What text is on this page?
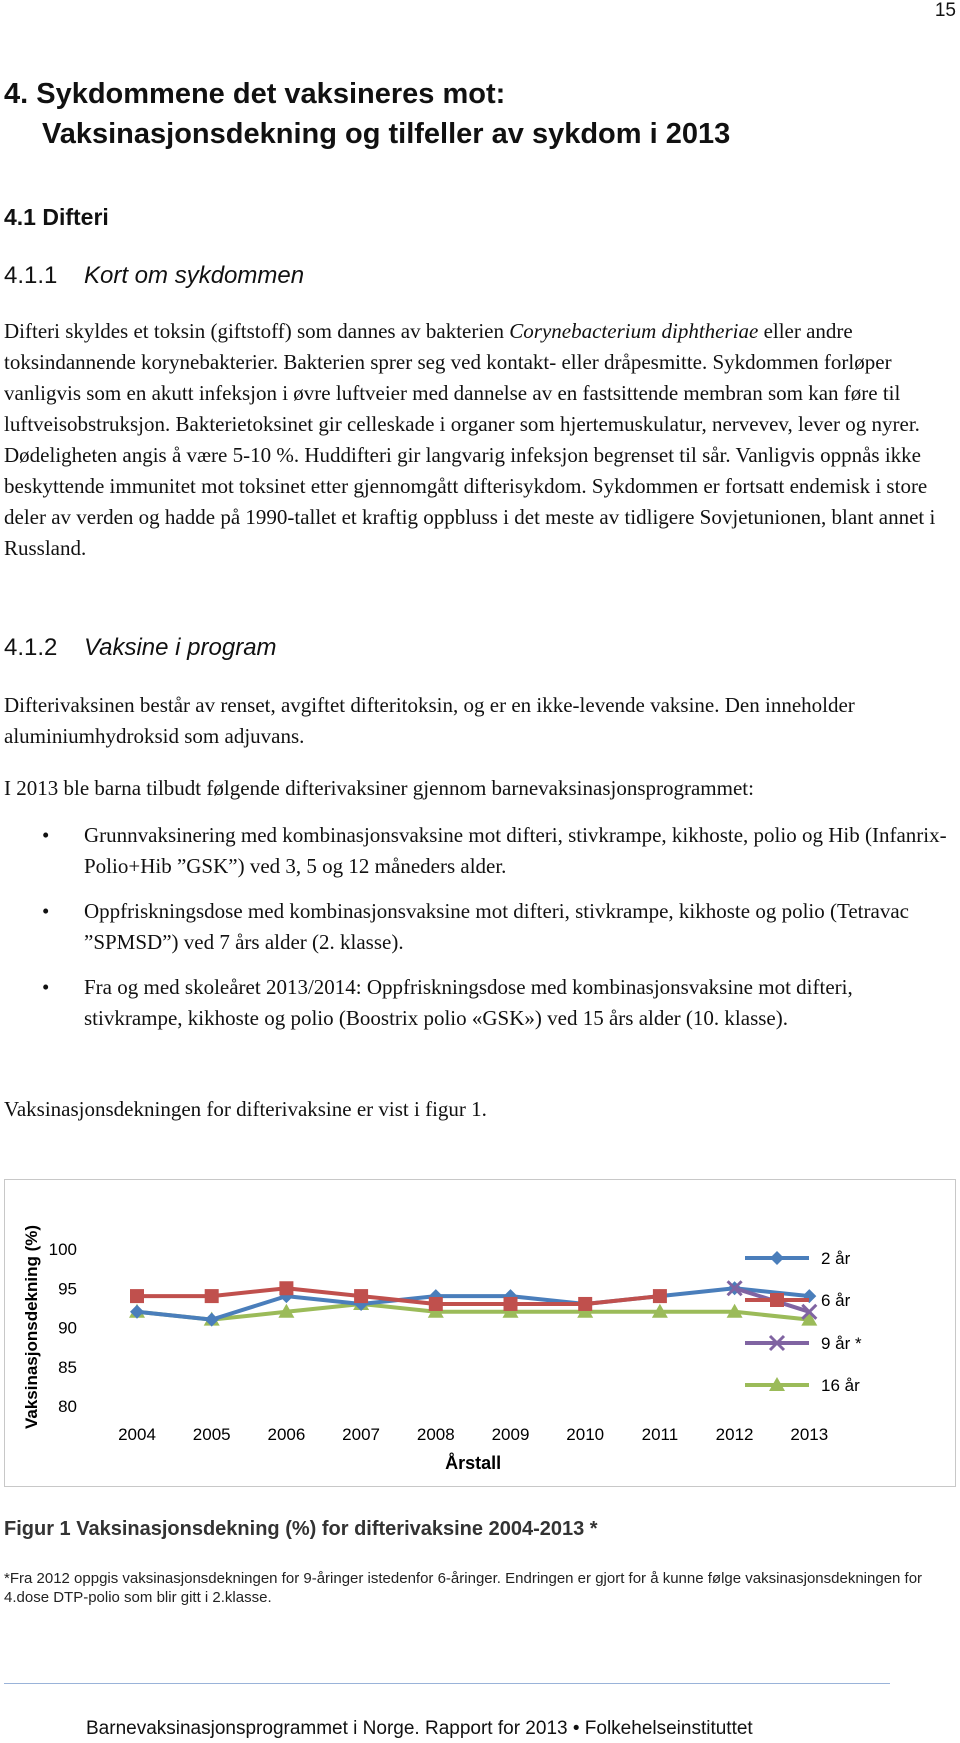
15
4. Sykdommene det vaksineres mot:
Vaksinasjonsdekning og tilfeller av sykdom i 2013
4.1 Difteri
4.1.1 Kort om sykdommen
Difteri skyldes et toksin (giftstoff) som dannes av bakterien Corynebacterium diphtheriae eller andre toksindannende korynebakterier. Bakterien sprer seg ved kontakt- eller dråpesmitte. Sykdommen forløper vanligvis som en akutt infeksjon i øvre luftveier med dannelse av en fastsittende membran som kan føre til luftveisobstruksjon. Bakterietoksinet gir celleskade i organer som hjertemuskulatur, nervevev, lever og nyrer. Dødeligheten angis å være 5-10 %. Huddifteri gir langvarig infeksjon begrenset til sår. Vanligvis oppnås ikke beskyttende immunitet mot toksinet etter gjennomgått difterisykdom. Sykdommen er fortsatt endemisk i store deler av verden og hadde på 1990-tallet et kraftig oppbluss i det meste av tidligere Sovjetunionen, blant annet i Russland.
4.1.2 Vaksine i program
Difterivaksinen består av renset, avgiftet difteritoksin, og er en ikke-levende vaksine. Den inneholder aluminiumhydroksid som adjuvans.
I 2013 ble barna tilbudt følgende difterivaksiner gjennom barnevaksinasjonsprogrammet:
• Grunnvaksinering med kombinasjonsvaksine mot difteri, stivkrampe, kikhoste, polio og Hib (Infanrix-Polio+Hib ”GSK”) ved 3, 5 og 12 måneders alder.
• Oppfriskningsdose med kombinasjonsvaksine mot difteri, stivkrampe, kikhoste og polio (Tetravac ”SPMSD”) ved 7 års alder (2. klasse).
• Fra og med skoleåret 2013/2014: Oppfriskningsdose med kombinasjonsvaksine mot difteri, stivkrampe, kikhoste og polio (Boostrix polio «GSK») ved 15 års alder (10. klasse).
Vaksinasjonsdekningen for difterivaksine er vist i figur 1.
Vaksinasjonsdekning (%) 80
85
90
95
100
2004 2005 2006 2007 2008 2009 2010 2011 2012 2013
Årstall
2 år
6 år
9 år *
16 år
Figur 1 Vaksinasjonsdekning (%) for difterivaksine 2004-2013 *
*Fra 2012 oppgis vaksinasjonsdekningen for 9-åringer istedenfor 6-åringer. Endringen er gjort for å kunne følge vaksinasjonsdekningen for 4.dose DTP-polio som blir gitt i 2.klasse.
Barnevaksinasjonsprogrammet i Norge. Rapport for 2013 • Folkehelseinstituttet
